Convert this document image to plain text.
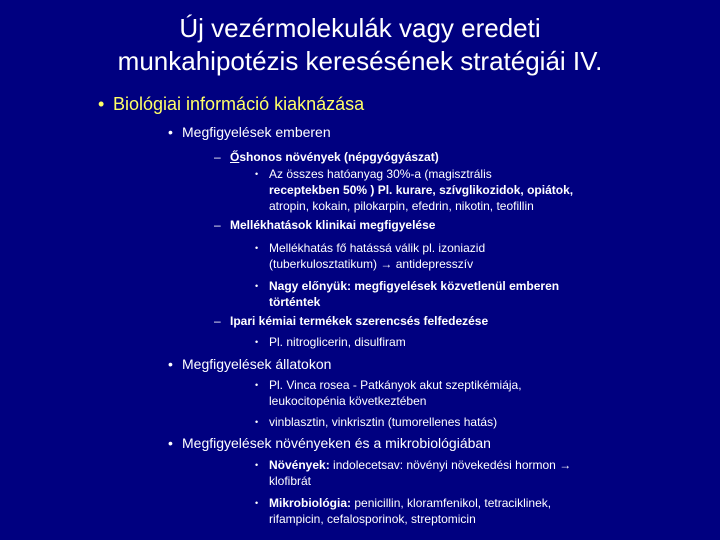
Új vezérmolekulák vagy eredeti
munkahipotézis keresésének stratégiái IV.
• Biológiai információ kiaknázása
• Megfigyelések emberen
– Őshonos növények (népgyógyászat)
• Az összes hatóanyag 30%-a (magisztrális
receptekben 50% ) Pl. kurare, szívglikozidok, opiátok,
atropin, kokain, pilokarpin, efedrin, nikotin, teofillin
– Mellékhatások klinikai megfigyelése
• Mellékhatás fő hatássá válik pl. izoniazid
(tuberkulosztatikum) → antidepresszív
• Nagy előnyük: megfigyelések közvetlenül emberen
történtek
– Ipari kémiai termékek szerencsés felfedezése
• Pl. nitroglicerin, disulfiram
• Megfigyelések állatokon
• Pl. Vinca rosea - Patkányok akut szeptikémiája,
leukocitopénia következtében
• vinblasztin, vinkrisztin (tumorellenes hatás)
• Megfigyelések növényeken és a mikrobiológiában
• Növények: indolecetsav: növényi növekedési hormon →
klofibrát
• Mikrobiológia: penicillin, kloramfenikol, tetraciklinek,
rifampicin, cefalosporinok, streptomicin
